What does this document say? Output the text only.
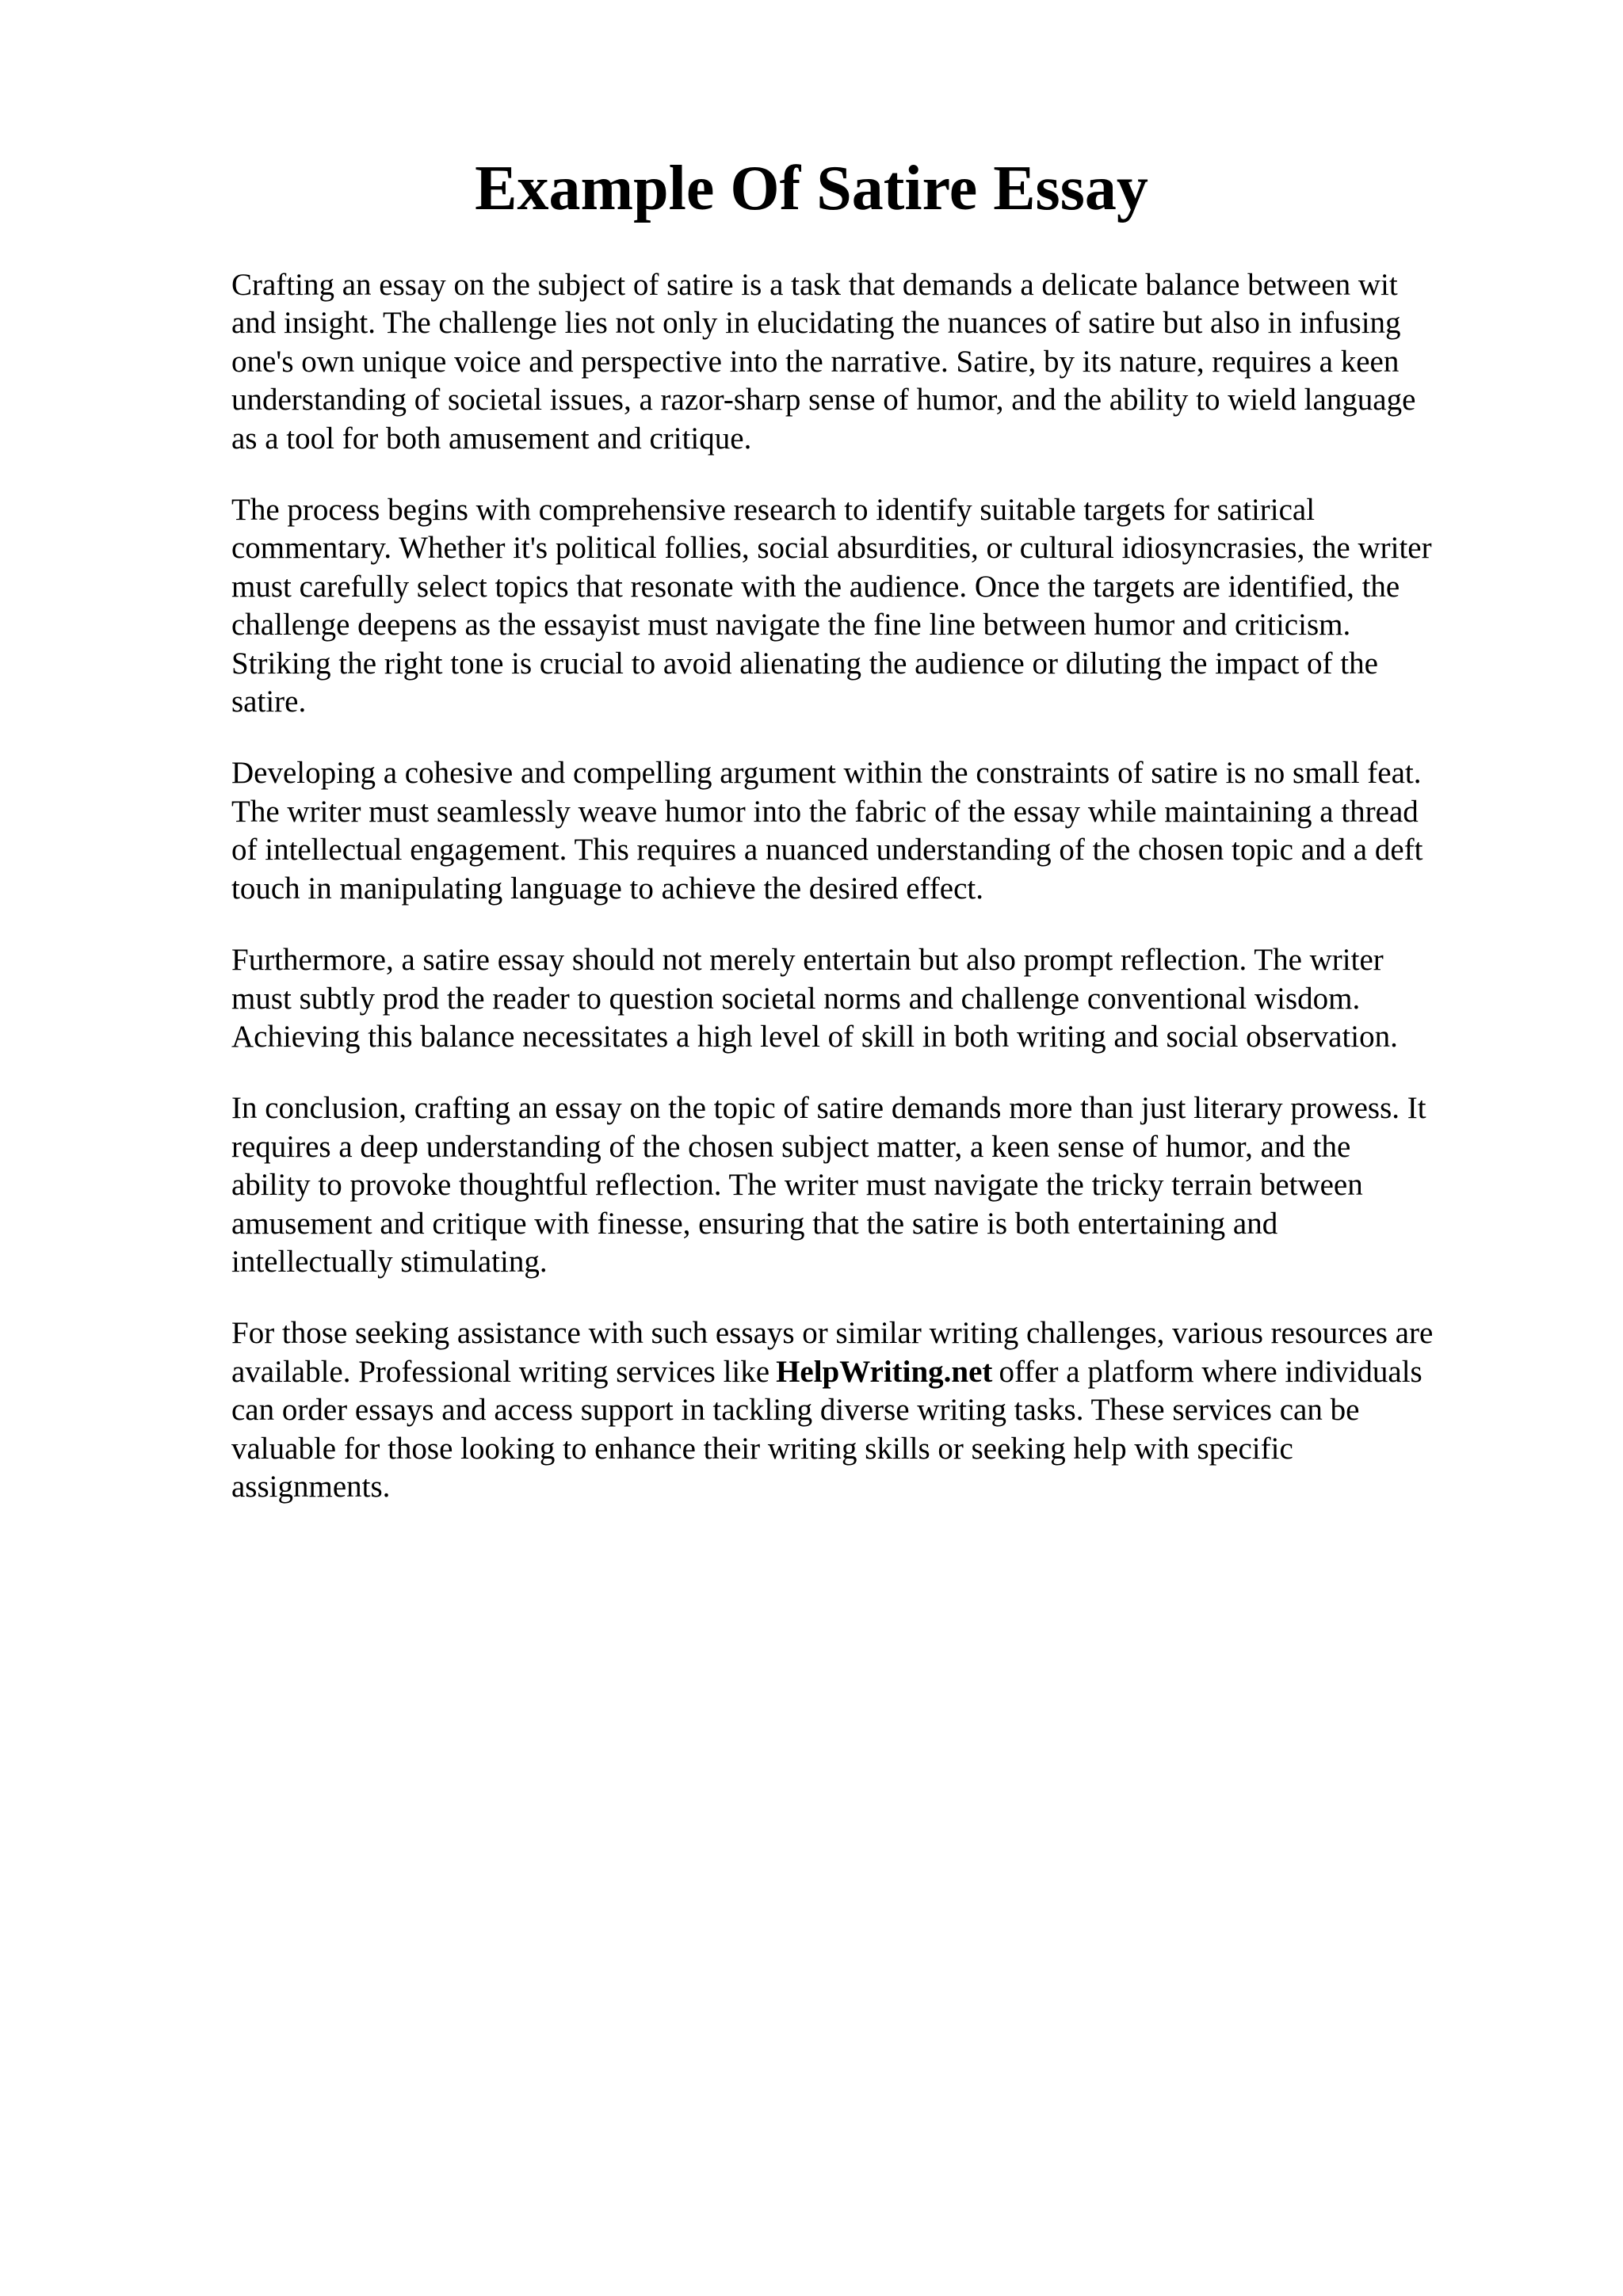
Example Of Satire Essay

Crafting an essay on the subject of satire is a task that demands a delicate balance between wit
and insight. The challenge lies not only in elucidating the nuances of satire but also in infusing
one's own unique voice and perspective into the narrative. Satire, by its nature, requires a keen
understanding of societal issues, a razor-sharp sense of humor, and the ability to wield language
as a tool for both amusement and critique.

The process begins with comprehensive research to identify suitable targets for satirical
commentary. Whether it's political follies, social absurdities, or cultural idiosyncrasies, the writer
must carefully select topics that resonate with the audience. Once the targets are identified, the
challenge deepens as the essayist must navigate the fine line between humor and criticism.
Striking the right tone is crucial to avoid alienating the audience or diluting the impact of the
satire.

Developing a cohesive and compelling argument within the constraints of satire is no small feat.
The writer must seamlessly weave humor into the fabric of the essay while maintaining a thread
of intellectual engagement. This requires a nuanced understanding of the chosen topic and a deft
touch in manipulating language to achieve the desired effect.

Furthermore, a satire essay should not merely entertain but also prompt reflection. The writer
must subtly prod the reader to question societal norms and challenge conventional wisdom.
Achieving this balance necessitates a high level of skill in both writing and social observation.

In conclusion, crafting an essay on the topic of satire demands more than just literary prowess. It
requires a deep understanding of the chosen subject matter, a keen sense of humor, and the
ability to provoke thoughtful reflection. The writer must navigate the tricky terrain between
amusement and critique with finesse, ensuring that the satire is both entertaining and
intellectually stimulating.

For those seeking assistance with such essays or similar writing challenges, various resources are
available. Professional writing services like HelpWriting.net offer a platform where individuals
can order essays and access support in tackling diverse writing tasks. These services can be
valuable for those looking to enhance their writing skills or seeking help with specific
assignments.
